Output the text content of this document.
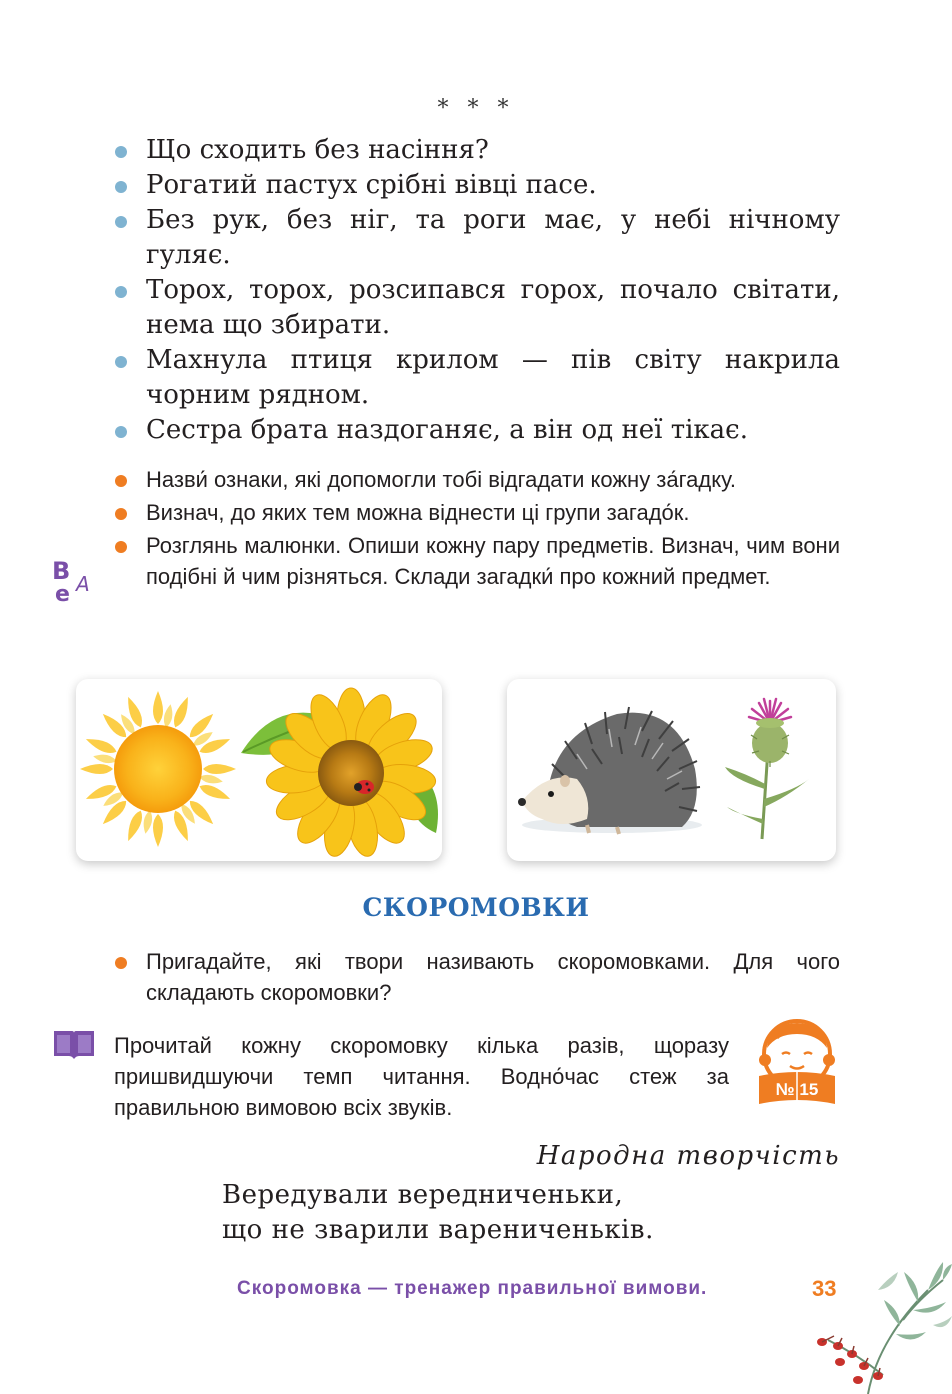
* * *
Що сходить без насіння?
Рогатий пастух срібні вівці пасе.
Без рук, без ніг, та роги має, у небі нічному гуляє.
Торох, торох, розсипався горох, почало світати, нема що збирати.
Махнула птиця крилом — пів світу накрила чорним рядном.
Сестра брата наздоганяє, а він од неї тікає.
Назви́ ознаки, які допомогли тобі відгадати кожну за́гадку.
Визнач, до яких тем можна віднести ці групи загадо́к.
Розглянь малюнки. Опиши кожну пару предметів. Визнач, чим вони подібні й чим різняться. Склади загадки́ про кожний предмет.
В А
е
СКОРОМОВКИ
Пригадайте, які твори називають скоромовками. Для чого складають скоромовки?
Прочитай кожну скоромовку кілька разів, щоразу пришвидшуючи темп читання. Водно́час стеж за правильною вимовою всіх звуків.
№ 15
Народна творчість
Вередували вередниченьки,
що не зварили варениченьків.
Скоромовка — тренажер правильної вимови.	33
